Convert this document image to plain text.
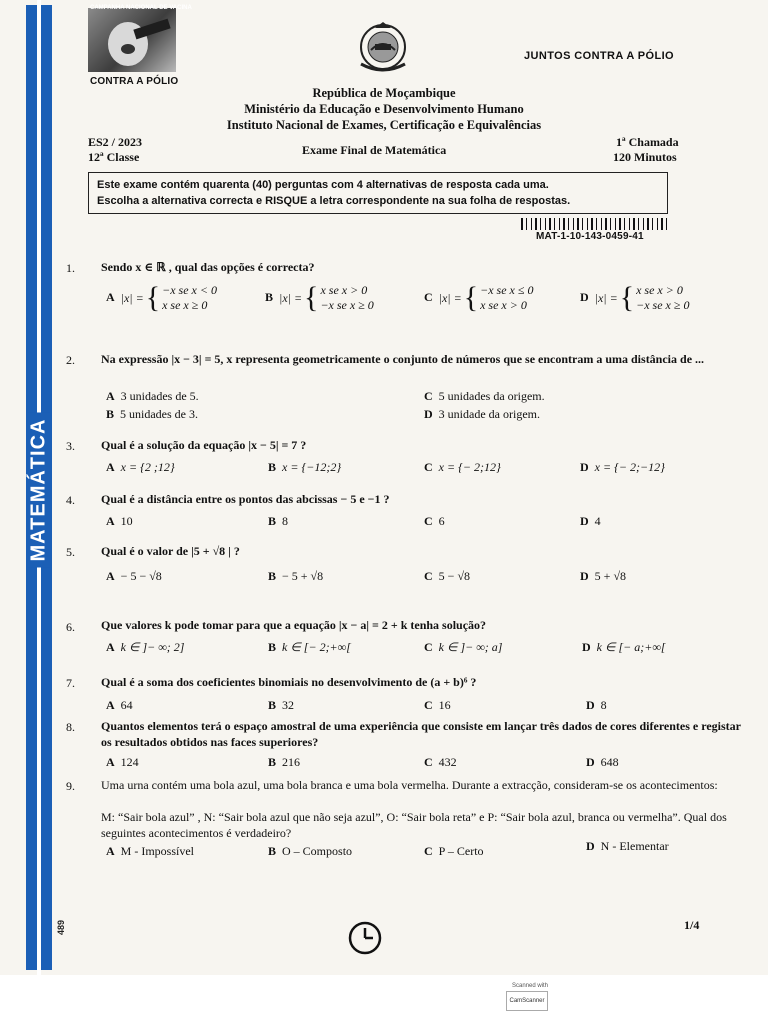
MATEMÁTICA
489
CAMPANHA NACIONAL DE VACINA
CONTRA A PÓLIO
JUNTOS CONTRA A PÓLIO
República de Moçambique
Ministério da Educação e Desenvolvimento Humano
Instituto Nacional de Exames, Certificação e Equivalências
ES2 / 2023
12ª Classe	Exame Final de Matemática
1ª Chamada
120 Minutos
Este exame contém quarenta (40) perguntas com 4 alternativas de resposta cada uma.
Escolha a alternativa correcta e RISQUE a letra correspondente na sua folha de respostas.
MAT-1-10-143-0459-41
1. Sendo x ∈ ℝ , qual das opções é correcta?
A |x| = { −x se x < 0
x se x ≥ 0
B |x| = { x se x > 0
−x se x ≥ 0
C |x| = { −x se x ≤ 0
x se x > 0
D |x| = { x se x > 0
−x se x ≥ 0
2. Na expressão |x − 3| = 5, x representa geometricamente o conjunto de números que se encontram a uma distância de ...
A 3 unidades de 5.
B 5 unidades de 3.
C 5 unidades da origem.
D 3 unidade da origem.
3. Qual é a solução da equação |x − 5| = 7 ?
A x = {2 ;12}	B x = {−12;2}	C x = {− 2;12}	D x = {− 2;−12}
4. Qual é a distância entre os pontos das abcissas − 5 e −1 ?
A 10	B 8	C 6	D 4
5. Qual é o valor de |5 + √8 | ?
A − 5 − √8	B − 5 + √8	C 5 − √8	D 5 + √8
6. Que valores k pode tomar para que a equação |x − a| = 2 + k tenha solução?
A k ∈ ]− ∞; 2]	B k ∈ [− 2;+∞[	C k ∈ ]− ∞; a]	D k ∈ [− a;+∞[
7. Qual é a soma dos coeficientes binomiais no desenvolvimento de (a + b)⁶ ?
A 64	B 32	C 16	D 8
8. Quantos elementos terá o espaço amostral de uma experiência que consiste em lançar três dados de cores diferentes e registar os resultados obtidos nas faces superiores?
A 124	B 216	C 432	D 648
9. Uma urna contém uma bola azul, uma bola branca e uma bola vermelha. Durante a extracção, consideram-se os acontecimentos:
M: “Sair bola azul” , N: “Sair bola azul que não seja azul”, O: “Sair bola reta” e P: “Sair bola azul, branca ou vermelha”. Qual dos seguintes acontecimentos é verdadeiro?
A M - Impossível	B O – Composto	C P – Certo	D N - Elementar
1/4
Scanned with
CamScanner
